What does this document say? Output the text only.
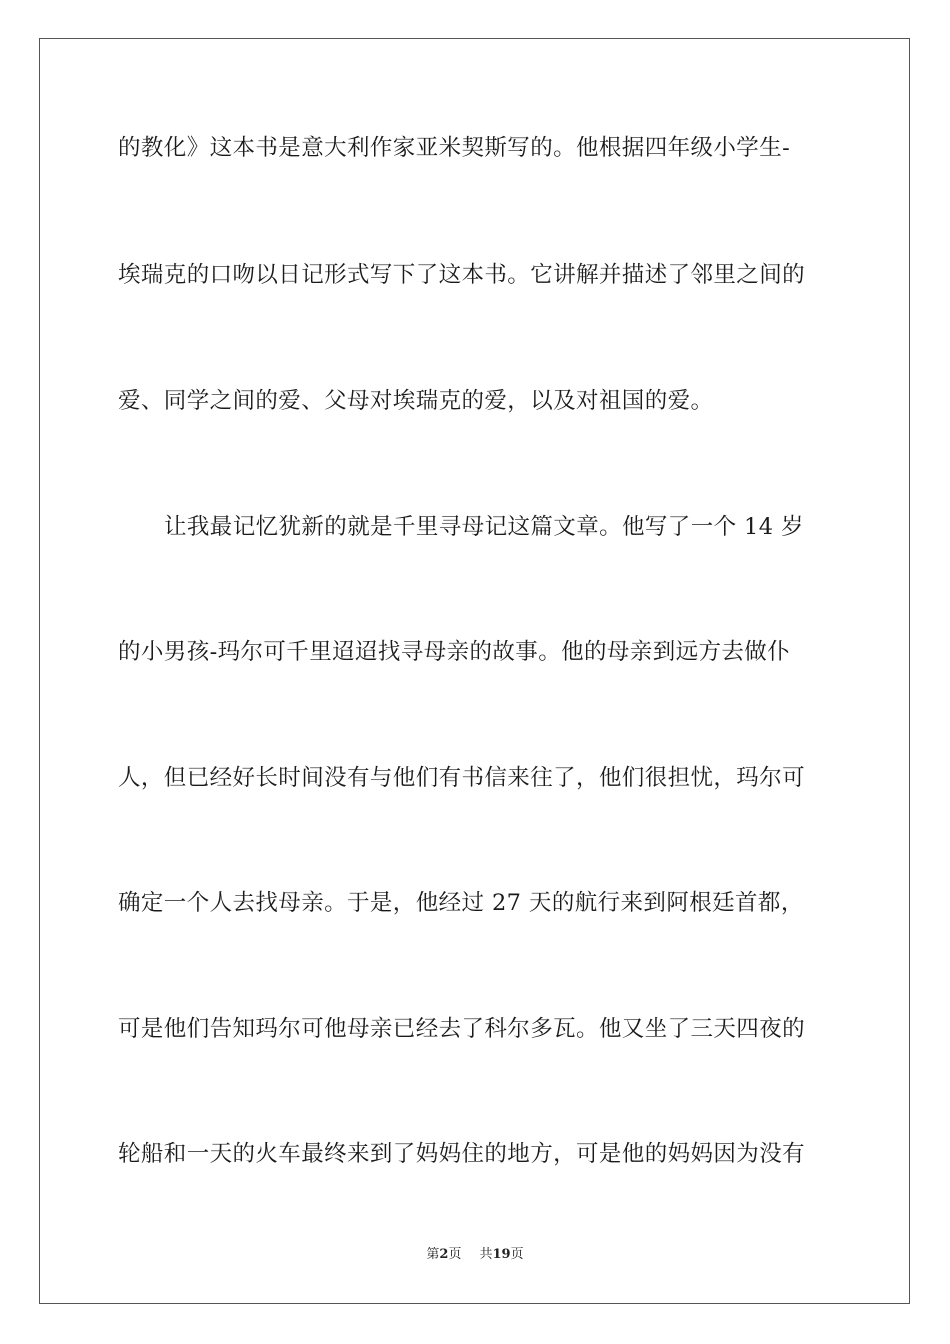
的教化》这本书是意大利作家亚米契斯写的。他根据四年级小学生-
埃瑞克的口吻以日记形式写下了这本书。它讲解并描述了邻里之间的
爱、同学之间的爱、父母对埃瑞克的爱，以及对祖国的爱。
让我最记忆犹新的就是千里寻母记这篇文章。他写了一个 14 岁
的小男孩-玛尔可千里迢迢找寻母亲的故事。他的母亲到远方去做仆
人，但已经好长时间没有与他们有书信来往了，他们很担忧，玛尔可
确定一个人去找母亲。于是，他经过 27 天的航行来到阿根廷首都，
可是他们告知玛尔可他母亲已经去了科尔多瓦。他又坐了三天四夜的
轮船和一天的火车最终来到了妈妈住的地方，可是他的妈妈因为没有
第2页 共19页
